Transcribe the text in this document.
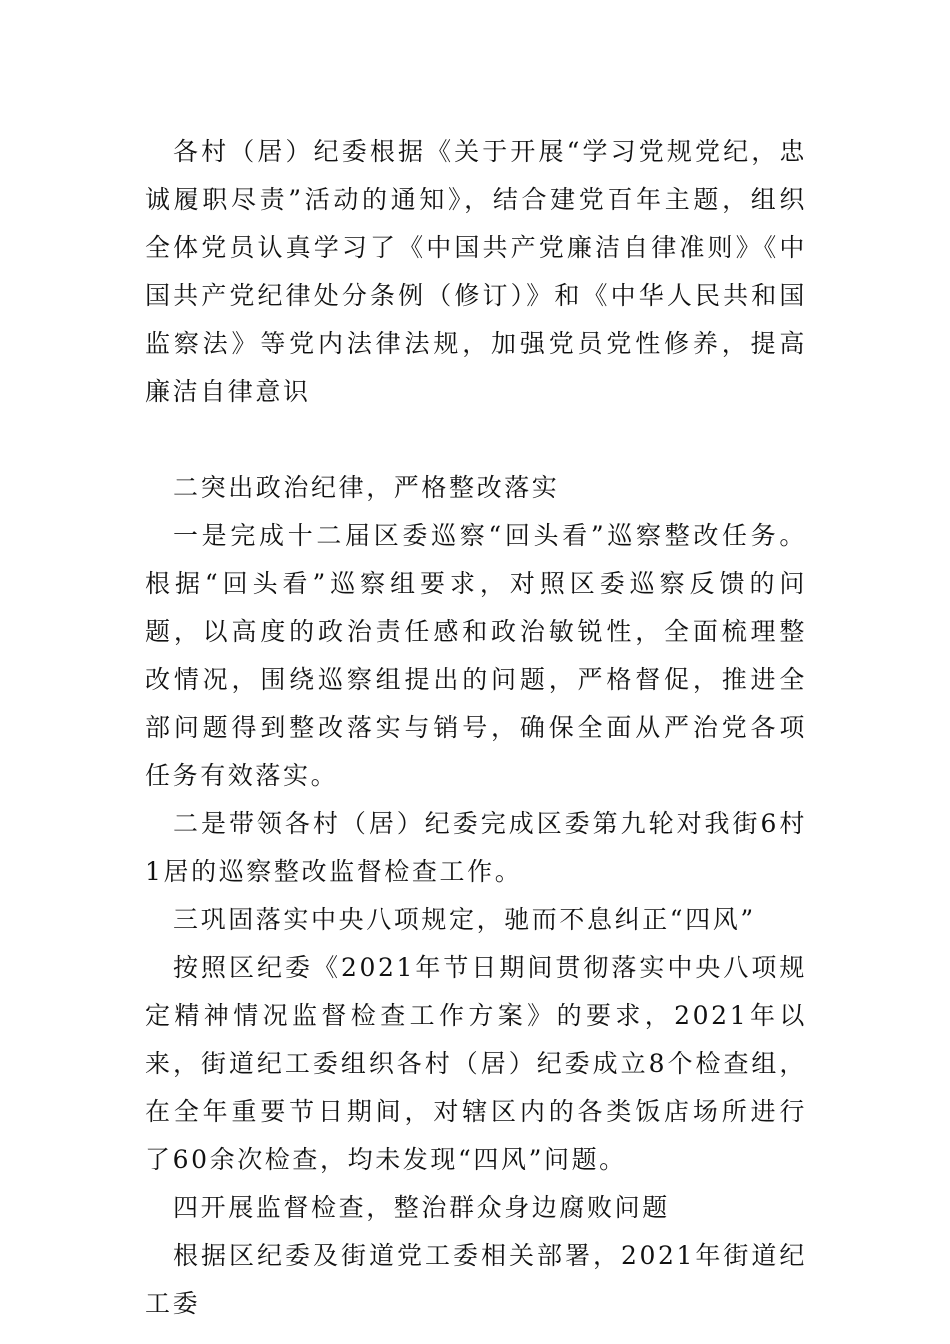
各村（居）纪委根据《关于开展“学习党规党纪，忠诚履职尽责”活动的通知》，结合建党百年主题，组织全体党员认真学习了《中国共产党廉洁自律准则》《中国共产党纪律处分条例（修订）》和《中华人民共和国监察法》等党内法律法规，加强党员党性修养，提高廉洁自律意识

二突出政治纪律，严格整改落实

一是完成十二届区委巡察“回头看”巡察整改任务。根据“回头看”巡察组要求，对照区委巡察反馈的问题，以高度的政治责任感和政治敏锐性，全面梳理整改情况，围绕巡察组提出的问题，严格督促，推进全部问题得到整改落实与销号，确保全面从严治党各项任务有效落实。

二是带领各村（居）纪委完成区委第九轮对我街6村1居的巡察整改监督检查工作。

三巩固落实中央八项规定，驰而不息纠正“四风”

按照区纪委《2021年节日期间贯彻落实中央八项规定精神情况监督检查工作方案》的要求，2021年以来，街道纪工委组织各村（居）纪委成立8个检查组，在全年重要节日期间，对辖区内的各类饭店场所进行了60余次检查，均未发现“四风”问题。

四开展监督检查，整治群众身边腐败问题

根据区纪委及街道党工委相关部署，2021年街道纪工委
